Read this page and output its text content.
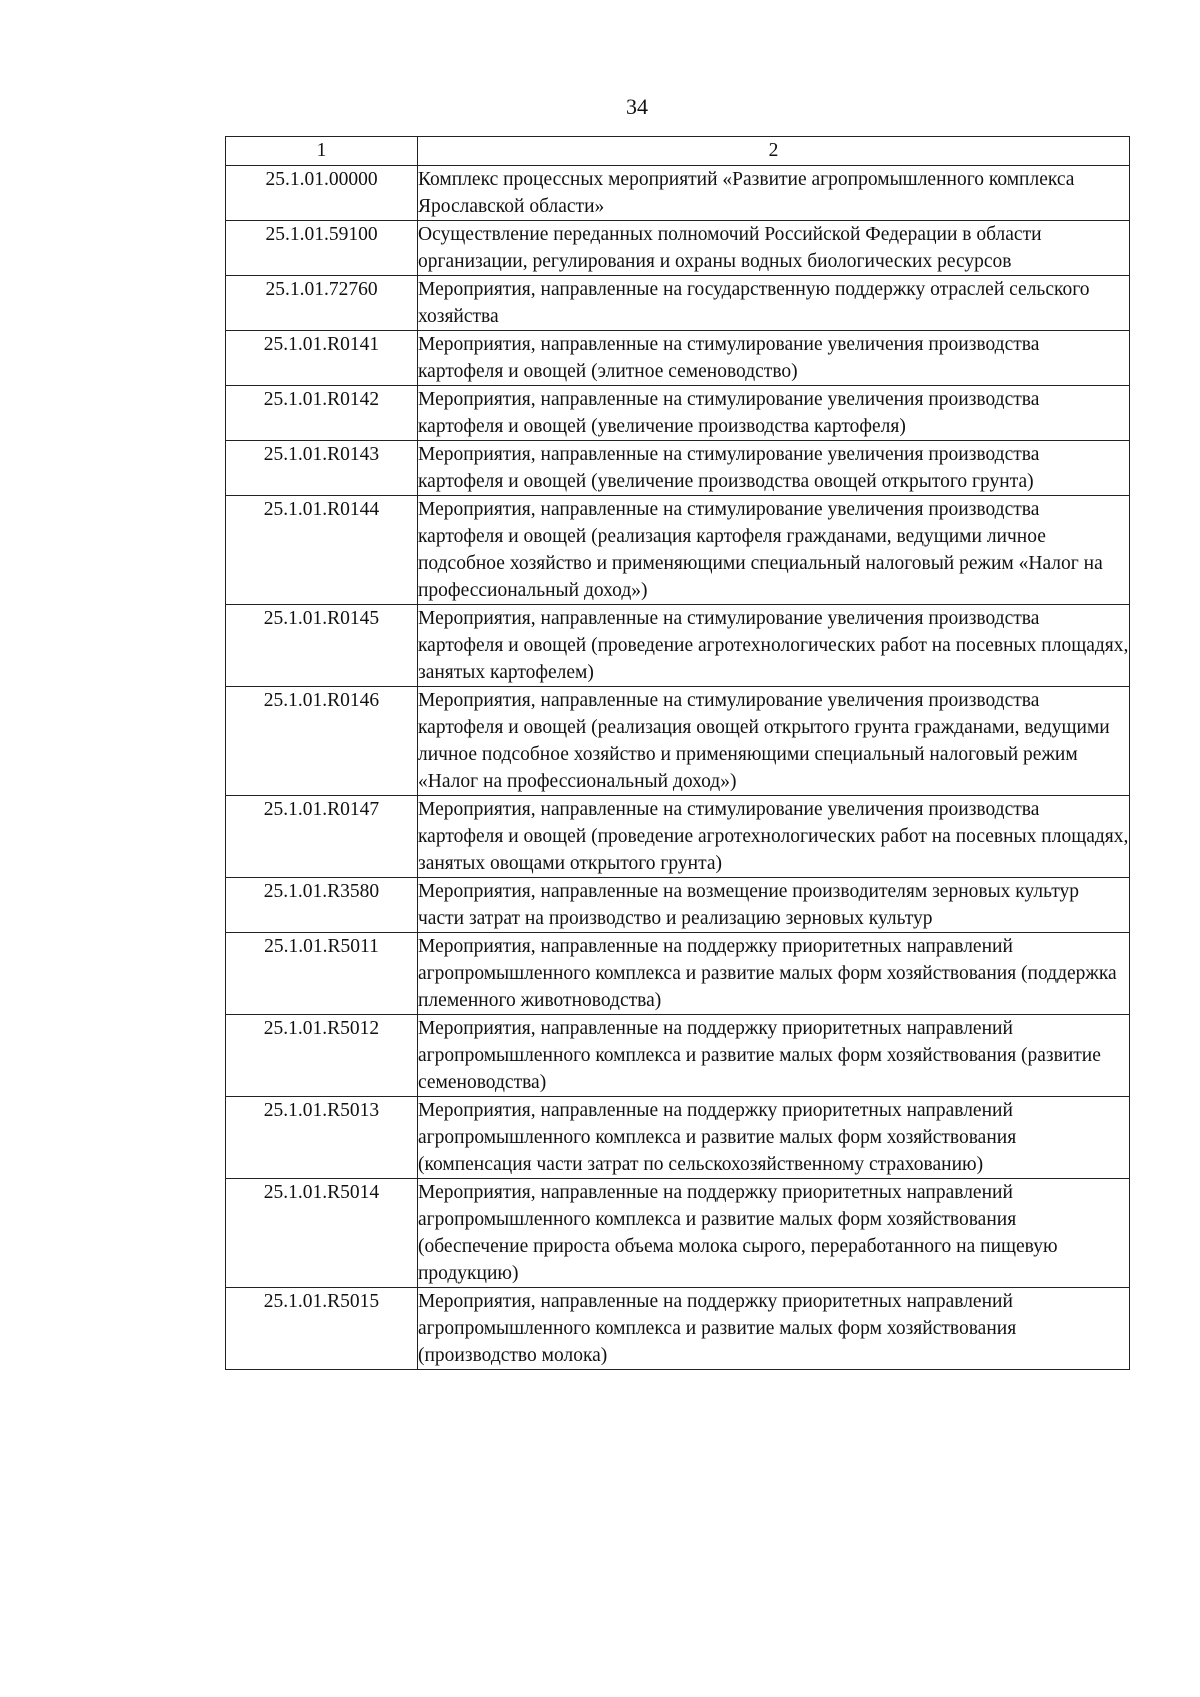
34
1	2
25.1.01.00000	Комплекс процессных мероприятий «Развитие агропромышленного комплекса Ярославской области»
25.1.01.59100	Осуществление переданных полномочий Российской Федерации в области организации, регулирования и охраны водных биологических ресурсов
25.1.01.72760	Мероприятия, направленные на государственную поддержку отраслей сельского хозяйства
25.1.01.R0141	Мероприятия, направленные на стимулирование увеличения производства картофеля и овощей (элитное семеноводство)
25.1.01.R0142	Мероприятия, направленные на стимулирование увеличения производства картофеля и овощей (увеличение производства картофеля)
25.1.01.R0143	Мероприятия, направленные на стимулирование увеличения производства картофеля и овощей (увеличение производства овощей открытого грунта)
25.1.01.R0144	Мероприятия, направленные на стимулирование увеличения производства картофеля и овощей (реализация картофеля гражданами, ведущими личное подсобное хозяйство и применяющими специальный налоговый режим «Налог на профессиональный доход»)
25.1.01.R0145	Мероприятия, направленные на стимулирование увеличения производства картофеля и овощей (проведение агротехнологических работ на посевных площадях, занятых картофелем)
25.1.01.R0146	Мероприятия, направленные на стимулирование увеличения производства картофеля и овощей (реализация овощей открытого грунта гражданами, ведущими личное подсобное хозяйство и применяющими специальный налоговый режим «Налог на профессиональный доход»)
25.1.01.R0147	Мероприятия, направленные на стимулирование увеличения производства картофеля и овощей (проведение агротехнологических работ на посевных площадях, занятых овощами открытого грунта)
25.1.01.R3580	Мероприятия, направленные на возмещение производителям зерновых культур части затрат на производство и реализацию зерновых культур
25.1.01.R5011	Мероприятия, направленные на поддержку приоритетных направлений агропромышленного комплекса и развитие малых форм хозяйствования (поддержка племенного животноводства)
25.1.01.R5012	Мероприятия, направленные на поддержку приоритетных направлений агропромышленного комплекса и развитие малых форм хозяйствования (развитие семеноводства)
25.1.01.R5013	Мероприятия, направленные на поддержку приоритетных направлений агропромышленного комплекса и развитие малых форм хозяйствования (компенсация части затрат по сельскохозяйственному страхованию)
25.1.01.R5014	Мероприятия, направленные на поддержку приоритетных направлений агропромышленного комплекса и развитие малых форм хозяйствования (обеспечение прироста объема молока сырого, переработанного на пищевую продукцию)
25.1.01.R5015	Мероприятия, направленные на поддержку приоритетных направлений агропромышленного комплекса и развитие малых форм хозяйствования (производство молока)
